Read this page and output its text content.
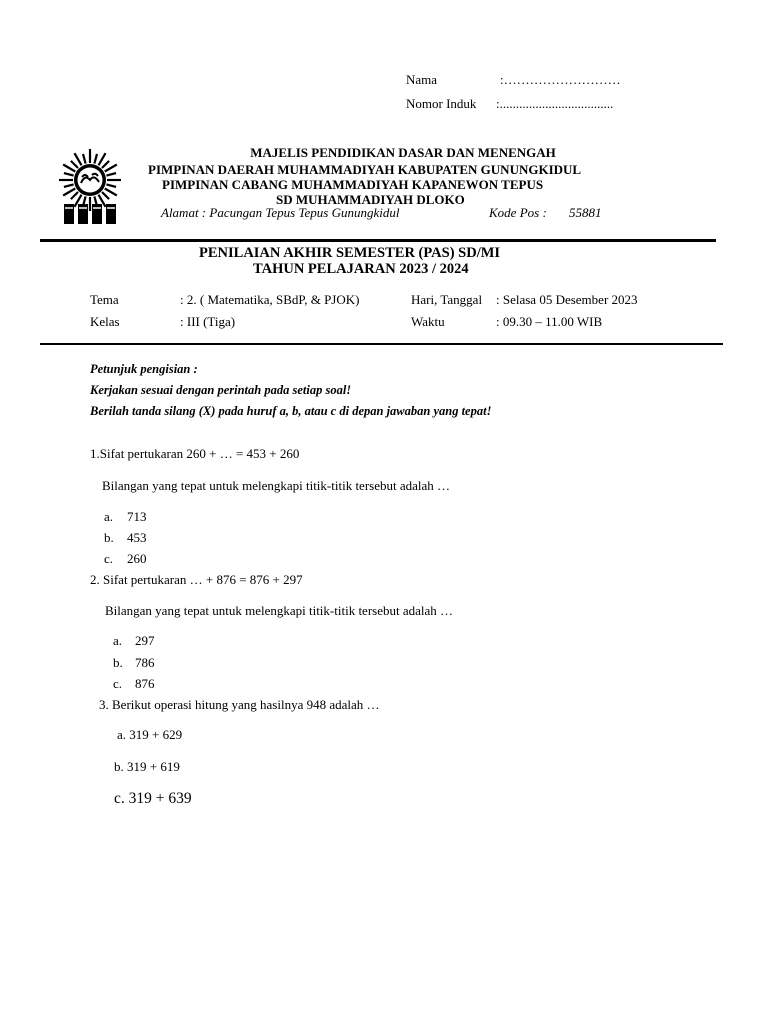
Nama	:………………………
Nomor Induk :...................................
MAJELIS PENDIDIKAN DASAR DAN MENENGAH
PIMPINAN DAERAH MUHAMMADIYAH KABUPATEN GUNUNGKIDUL
PIMPINAN CABANG MUHAMMADIYAH KAPANEWON TEPUS
SD MUHAMMADIYAH DLOKO
Alamat : Pacungan Tepus Tepus Gunungkidul	Kode Pos : 55881
PENILAIAN AKHIR SEMESTER (PAS) SD/MI
TAHUN PELAJARAN 2023 / 2024
Tema	: 2. ( Matematika, SBdP, & PJOK)	Hari, Tanggal : Selasa 05 Desember 2023
Kelas	: III (Tiga)	Waktu	: 09.30 – 11.00 WIB
Petunjuk pengisian :
Kerjakan sesuai dengan perintah pada setiap soal!
Berilah tanda silang (X) pada huruf a, b, atau c di depan jawaban yang tepat!
1.Sifat pertukaran 260 + … = 453 + 260
Bilangan yang tepat untuk melengkapi titik-titik tersebut adalah …
a. 713
b. 453
c. 260
2. Sifat pertukaran … + 876 = 876 + 297
Bilangan yang tepat untuk melengkapi titik-titik tersebut adalah …
a. 297
b. 786
c. 876
3. Berikut operasi hitung yang hasilnya 948 adalah …
a. 319 + 629
b. 319 + 619
c. 319 + 639
